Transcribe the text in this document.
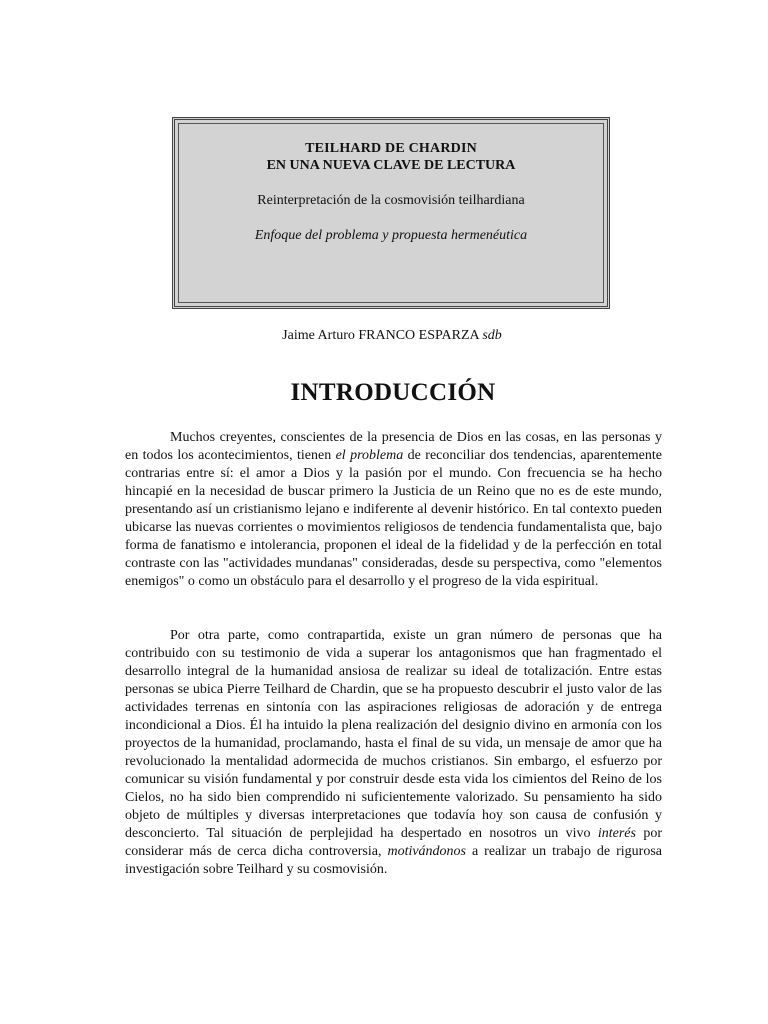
TEILHARD DE CHARDIN
EN UNA NUEVA CLAVE DE LECTURA
Reinterpretación de la cosmovisión teilhardiana
Enfoque del problema y propuesta hermenéutica
Jaime Arturo FRANCO ESPARZA sdb
INTRODUCCIÓN

Muchos creyentes, conscientes de la presencia de Dios en las cosas, en las personas y en todos los acontecimientos, tienen el problema de reconciliar dos tendencias, aparentemente contrarias entre sí: el amor a Dios y la pasión por el mundo. Con frecuencia se ha hecho hincapié en la necesidad de buscar primero la Justicia de un Reino que no es de este mundo, presentando así un cristianismo lejano e indiferente al devenir histórico. En tal contexto pueden ubicarse las nuevas corrientes o movimientos religiosos de tendencia fundamentalista que, bajo forma de fanatismo e intolerancia, proponen el ideal de la fidelidad y de la perfección en total contraste con las "actividades mundanas" consideradas, desde su perspectiva, como "elementos enemigos" o como un obstáculo para el desarrollo y el progreso de la vida espiritual.

Por otra parte, como contrapartida, existe un gran número de personas que ha contribuido con su testimonio de vida a superar los antagonismos que han fragmentado el desarrollo integral de la humanidad ansiosa de realizar su ideal de totalización. Entre estas personas se ubica Pierre Teilhard de Chardin, que se ha propuesto descubrir el justo valor de las actividades terrenas en sintonía con las aspiraciones religiosas de adoración y de entrega incondicional a Dios. Él ha intuido la plena realización del designio divino en armonía con los proyectos de la humanidad, proclamando, hasta el final de su vida, un mensaje de amor que ha revolucionado la mentalidad adormecida de muchos cristianos. Sin embargo, el esfuerzo por comunicar su visión fundamental y por construir desde esta vida los cimientos del Reino de los Cielos, no ha sido bien comprendido ni suficientemente valorizado. Su pensamiento ha sido objeto de múltiples y diversas interpretaciones que todavía hoy son causa de confusión y desconcierto. Tal situación de perplejidad ha despertado en nosotros un vivo interés por considerar más de cerca dicha controversia, motivándonos a realizar un trabajo de rigurosa investigación sobre Teilhard y su cosmovisión.
